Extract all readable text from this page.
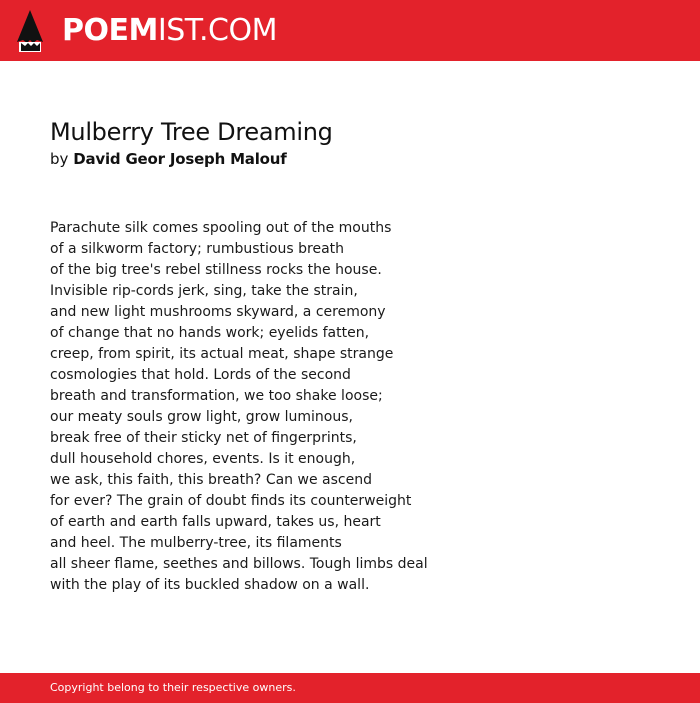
POEMIST.COM
Mulberry Tree Dreaming
by David Geor Joseph Malouf
Parachute silk comes spooling out of the mouths
of a silkworm factory; rumbustious breath
of the big tree's rebel stillness rocks the house.
Invisible rip-cords jerk, sing, take the strain,
and new light mushrooms skyward, a ceremony
of change that no hands work; eyelids fatten,
creep, from spirit, its actual meat, shape strange
cosmologies that hold. Lords of the second
breath and transformation, we too shake loose;
our meaty souls grow light, grow luminous,
break free of their sticky net of fingerprints,
dull household chores, events. Is it enough,
we ask, this faith, this breath? Can we ascend
for ever? The grain of doubt finds its counterweight
of earth and earth falls upward, takes us, heart
and heel. The mulberry-tree, its filaments
all sheer flame, seethes and billows. Tough limbs deal
with the play of its buckled shadow on a wall.
Copyright belong to their respective owners.
